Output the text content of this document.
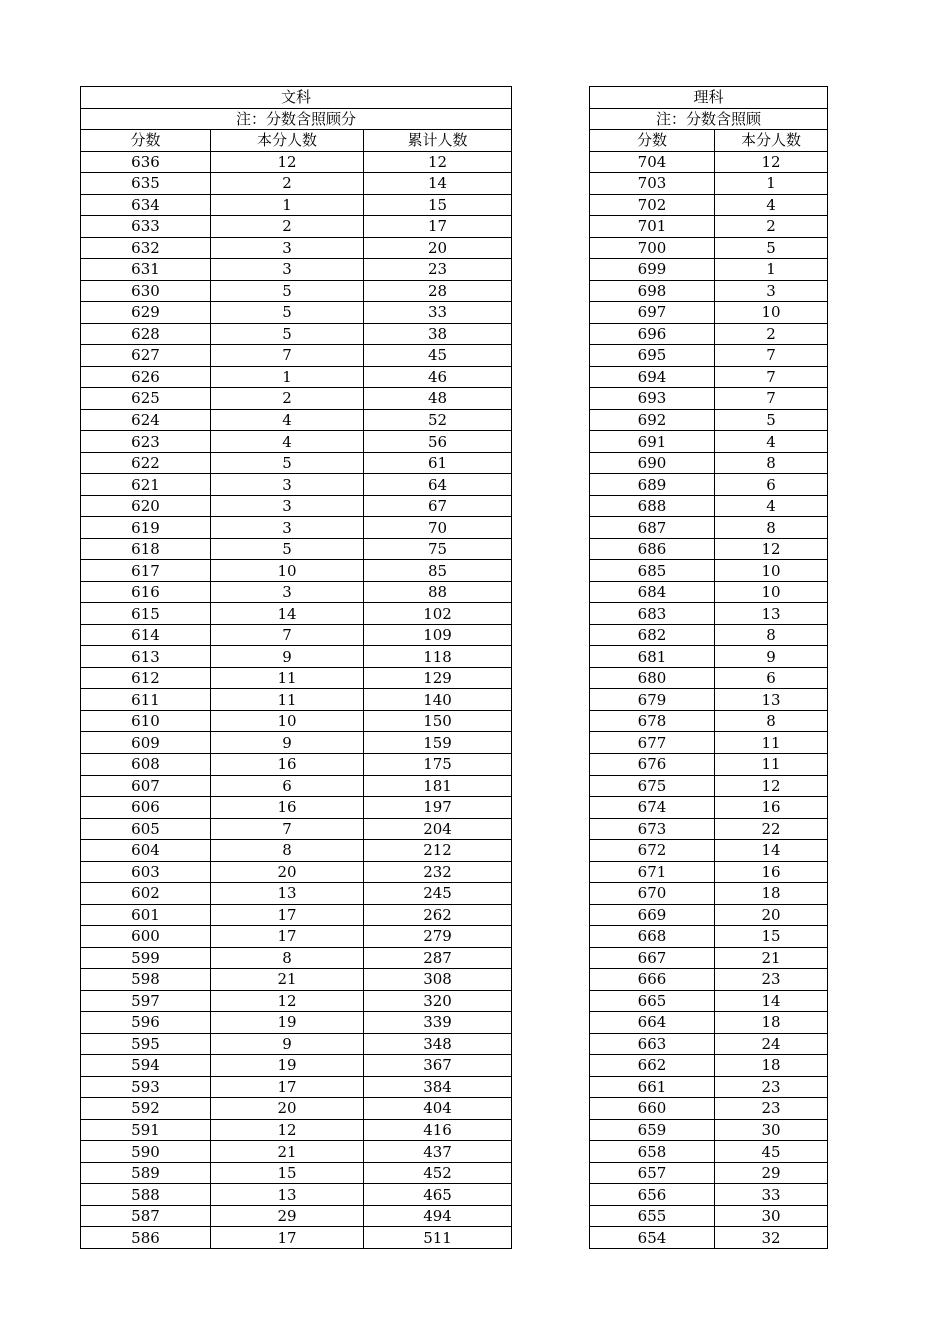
文科		
注：分数含照顾分		
分数	本分人数	累计人数
636	12	12
635	2	14
634	1	15
633	2	17
632	3	20
631	3	23
630	5	28
629	5	33
628	5	38
627	7	45
626	1	46
625	2	48
624	4	52
623	4	56
622	5	61
621	3	64
620	3	67
619	3	70
618	5	75
617	10	85
616	3	88
615	14	102
614	7	109
613	9	118
612	11	129
611	11	140
610	10	150
609	9	159
608	16	175
607	6	181
606	16	197
605	7	204
604	8	212
603	20	232
602	13	245
601	17	262
600	17	279
599	8	287
598	21	308
597	12	320
596	19	339
595	9	348
594	19	367
593	17	384
592	20	404
591	12	416
590	21	437
589	15	452
588	13	465
587	29	494
586	17	511
理科		
注：分数含照顾		
分数	本分人数	
704	12	
703	1	
702	4	
701	2	
700	5	
699	1	
698	3	
697	10	
696	2	
695	7	
694	7	
693	7	
692	5	
691	4	
690	8	
689	6	
688	4	
687	8	
686	12	
685	10	
684	10	
683	13	
682	8	
681	9	
680	6	
679	13	
678	8	
677	11	
676	11	
675	12	
674	16	
673	22	
672	14	
671	16	
670	18	
669	20	
668	15	
667	21	
666	23	
665	14	
664	18	
663	24	
662	18	
661	23	
660	23	
659	30	
658	45	
657	29	
656	33	
655	30	
654	32	
